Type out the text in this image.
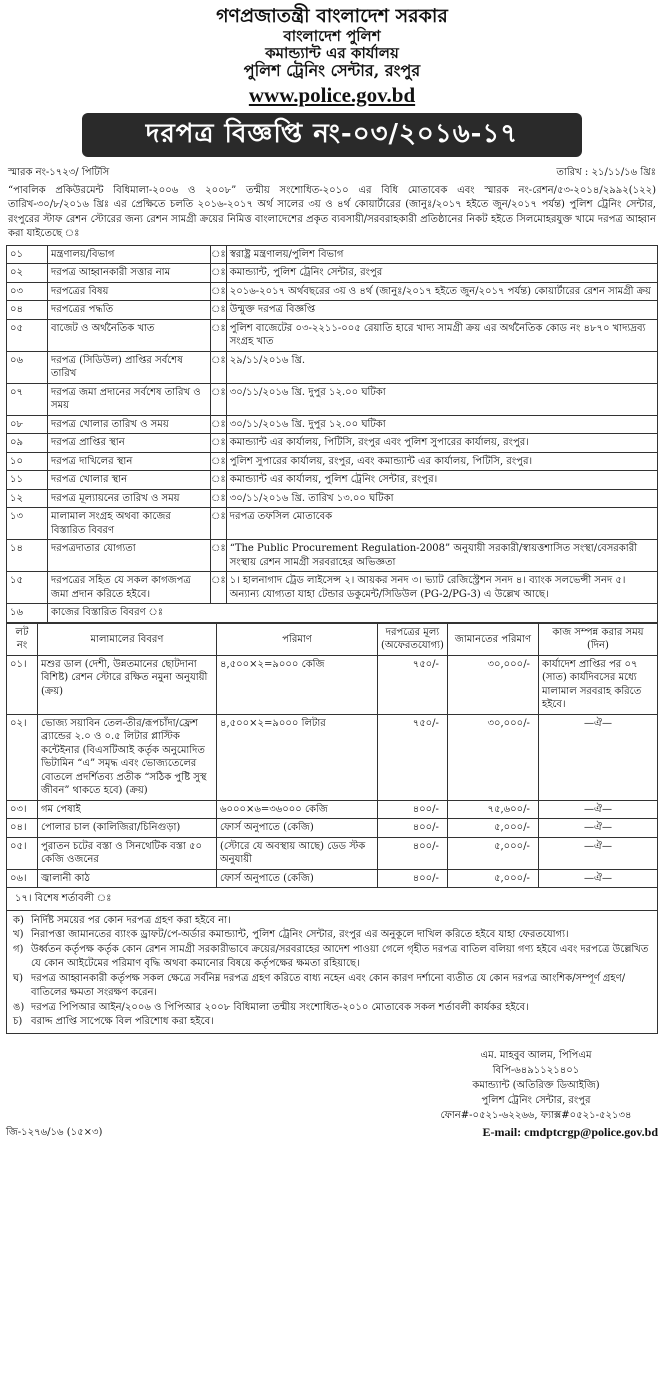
গণপ্রজাতন্ত্রী বাংলাদেশ সরকার
বাংলাদেশ পুলিশ
কমান্ড্যান্ট এর কার্যালয়
পুলিশ ট্রেনিং সেন্টার, রংপুর
www.police.gov.bd
দরপত্র বিজ্ঞপ্তি নং-০৩/২০১৬-১৭
স্মারক নং-১৭২৩/ পিটিসি	তারিখ : ২১/১১/১৬ খ্রিঃ
“পাবলিক প্রকিউরমেন্ট বিধিমালা-২০০৬ ও ২০০৮” তন্মীয় সংশোধিত-২০১০ এর বিধি মোতাবেক এবং স্মারক নং-রেশন/৫৩-২০১৪/২৯৯২(১২২) তারিখ-৩০/৮/২০১৬ খ্রিঃ এর প্রেক্ষিতে চলতি ২০১৬-২০১৭ অর্থ সালের ৩য় ও ৪র্থ কোয়ার্টারের (জানুঃ/২০১৭ হইতে জুন/২০১৭ পর্যন্ত) পুলিশ ট্রেনিং সেন্টার, রংপুরের স্টাফ রেশন স্টোরের জন্য রেশন সামগ্রী ক্রয়ের নিমিত্ত বাংলাদেশের প্রকৃত ব্যবসায়ী/সরবরাহকারী প্রতিষ্ঠানের নিকট হইতে সিলমোহরযুক্ত খামে দরপত্র আহ্বান করা যাইতেছে ঃ
০১	মন্ত্রণালয়/বিভাগ	ঃ	স্বরাষ্ট্র মন্ত্রণালয়/পুলিশ বিভাগ
০২	দরপত্র আহ্বানকারী সত্তার নাম	ঃ	কমান্ড্যান্ট, পুলিশ ট্রেনিং সেন্টার, রংপুর
০৩	দরপত্রের বিষয়	ঃ	২০১৬-২০১৭ অর্থবছরের ৩য় ও ৪র্থ (জানুঃ/২০১৭ হইতে জুন/২০১৭ পর্যন্ত) কোয়ার্টারের রেশন সামগ্রী ক্রয়
০৪	দরপত্রের পদ্ধতি	ঃ	উন্মুক্ত দরপত্র বিজ্ঞপ্তি
০৫	বাজেট ও অর্থনৈতিক খাত	ঃ	পুলিশ বাজেটের ০৩-২২১১-০০৫ রেয়াতি হারে খাদ্য সামগ্রী ক্রয় এর অর্থনৈতিক কোড নং ৪৮৭০ খাদ্যদ্রব্য সংগ্রহ খাত
০৬	দরপত্র (সিডিউল) প্রাপ্তির সর্বশেষ তারিখ	ঃ	২৯/১১/২০১৬ খ্রি.
০৭	দরপত্র জমা প্রদানের সর্বশেষ তারিখ ও সময়	ঃ	৩০/১১/২০১৬ খ্রি. দুপুর ১২.০০ ঘটিকা
০৮	দরপত্র খোলার তারিখ ও সময়	ঃ	৩০/১১/২০১৬ খ্রি. দুপুর ১২.০০ ঘটিকা
০৯	দরপত্র প্রাপ্তির স্থান	ঃ	কমান্ড্যান্ট এর কার্যালয়, পিটিসি, রংপুর এবং পুলিশ সুপারের কার্যালয়, রংপুর।
১০	দরপত্র দাখিলের স্থান	ঃ	পুলিশ সুপারের কার্যালয়, রংপুর, এবং কমান্ড্যান্ট এর কার্যালয়, পিটিসি, রংপুর।
১১	দরপত্র খোলার স্থান	ঃ	কমান্ড্যান্ট এর কার্যালয়, পুলিশ ট্রেনিং সেন্টার, রংপুর।
১২	দরপত্র মূল্যায়নের তারিখ ও সময়	ঃ	৩০/১১/২০১৬ খ্রি. তারিখ ১৩.০০ ঘটিকা
১৩	মালামাল সংগ্রহ অথবা কাজের বিস্তারিত বিবরণ	ঃ	দরপত্র তফসিল মোতাবেক
১৪	দরপত্রদাতার যোগ্যতা	ঃ	“The Public Procurement Regulation-2008” অনুযায়ী সরকারী/স্বায়ত্তশাসিত সংস্থা/বেসরকারী সংস্থায় রেশন সামগ্রী সরবরাহের অভিজ্ঞতা
১৫	দরপত্রের সহিত যে সকল কাগজপত্র জমা প্রদান করিতে হইবে।	ঃ	১। হালনাগাদ ট্রেড লাইসেন্স ২। আয়কর সনদ ৩। ভ্যাট রেজিস্ট্রেশন সনদ ৪। ব্যাংক সলভেন্সী সনদ ৫। অন্যান্য যোগ্যতা যাহা টেন্ডার ডকুমেন্ট/সিডিউল (PG-2/PG-3) এ উল্লেখ আছে।
১৬	কাজের বিস্তারিত বিবরণ ঃ		
লট নং	মালামালের বিবরণ	পরিমাণ	দরপত্রের মূল্য (অফেরতযোগ্য)	জামানতের পরিমাণ	কাজ সম্পন্ন করার সময় (দিন)
০১।	মশুর ডাল (দেশী, উন্নতমানের ছোটদানা বিশিষ্ট) রেশন স্টোরে রক্ষিত নমুনা অনুযায়ী (ক্রয়)	৪,৫০০×২=৯০০০ কেজি	৭৫০/-	৩০,০০০/-	কার্যাদেশ প্রাপ্তির পর ০৭ (সাত) কার্যদিবসের মধ্যে মালামাল সরবরাহ করিতে হইবে।
০২।	ভোজ্য সয়াবিন তেল-তীর/রূপচাঁদা/ফ্রেশ ব্র্যান্ডের ২.০ ও ০.৫ লিটার প্লাস্টিক কন্টেইনার (বিএসটিআই কর্তৃক অনুমোদিত ভিটামিন “এ” সমৃদ্ধ এবং ভোজ্যতেলের বোতলে প্রদর্শিতব্য প্রতীক “সঠিক পুষ্টি সুস্থ জীবন” থাকতে হবে) (ক্রয়)	৪,৫০০×২=৯০০০ লিটার	৭৫০/-	৩০,০০০/-	—ঐ—
০৩।	গম পেষাই	৬০০০×৬=৩৬০০০ কেজি	৪০০/-	৭৫,৬০০/-	—ঐ—
০৪।	পোলার চাল (কালিজিরা/চিনিগুড়া)	ফোর্স অনুপাতে (কেজি)	৪০০/-	৫,০০০/-	—ঐ—
০৫।	পুরাতন চটের বস্তা ও সিনথেটিক বস্তা ৫০ কেজি ওজনের	(স্টোরে যে অবস্থায় আছে) ডেড স্টক অনুযায়ী	৪০০/-	৫,০০০/-	—ঐ—
০৬।	জ্বালানী কাঠ	ফোর্স অনুপাতে (কেজি)	৪০০/-	৫,০০০/-	—ঐ—
১৭। বিশেষ শর্তাবলী ঃ

ক) নির্দিষ্ট সময়ের পর কোন দরপত্র গ্রহণ করা হইবে না।
খ) নিরাপত্তা জামানতের ব্যাংক ড্রাফট/পে-অর্ডার কমান্ড্যান্ট, পুলিশ ট্রেনিং সেন্টার, রংপুর এর অনুকূলে দাখিল করিতে হইবে যাহা ফেরতযোগ্য।
গ) উর্ধ্বতন কর্তৃপক্ষ কর্তৃক কোন রেশন সামগ্রী সরকারীভাবে ক্রয়ের/সরবরাহের আদেশ পাওয়া গেলে গৃহীত দরপত্র বাতিল বলিয়া গণ্য হইবে এবং দরপত্রে উল্লেখিত যে কোন আইটেমের পরিমাণ বৃদ্ধি অথবা কমানোর বিষয়ে কর্তৃপক্ষের ক্ষমতা রহিয়াছে।
ঘ) দরপত্র আহ্বানকারী কর্তৃপক্ষ সকল ক্ষেত্রে সর্বনিম্ন দরপত্র গ্রহণ করিতে বাধ্য নহেন এবং কোন কারণ দর্শানো ব্যতীত যে কোন দরপত্র আংশিক/সম্পূর্ণ গ্রহণ/বাতিলের ক্ষমতা সংরক্ষণ করেন।
ঙ) দরপত্র পিপিআর আইন/২০০৬ ও পিপিআর ২০০৮ বিধিমালা তন্মীয় সংশোধিত-২০১০ মোতাবেক সকল শর্তাবলী কার্যকর হইবে।
চ) বরাদ্দ প্রাপ্তি সাপেক্ষে বিল পরিশোধ করা হইবে।
এম. মাহবুব আলম, পিপিএম
বিপি-৬৪৯১১২১৪০১
কমান্ড্যান্ট (অতিরিক্ত ডিআইজি)
পুলিশ ট্রেনিং সেন্টার, রংপুর
ফোন#-০৫২১-৬২২৬৬, ফ্যাক্স#০৫২১-৫২১৩৪
জি-১২৭৬/১৬ (১৫×৩)	E-mail: cmdptcrgp@police.gov.bd
